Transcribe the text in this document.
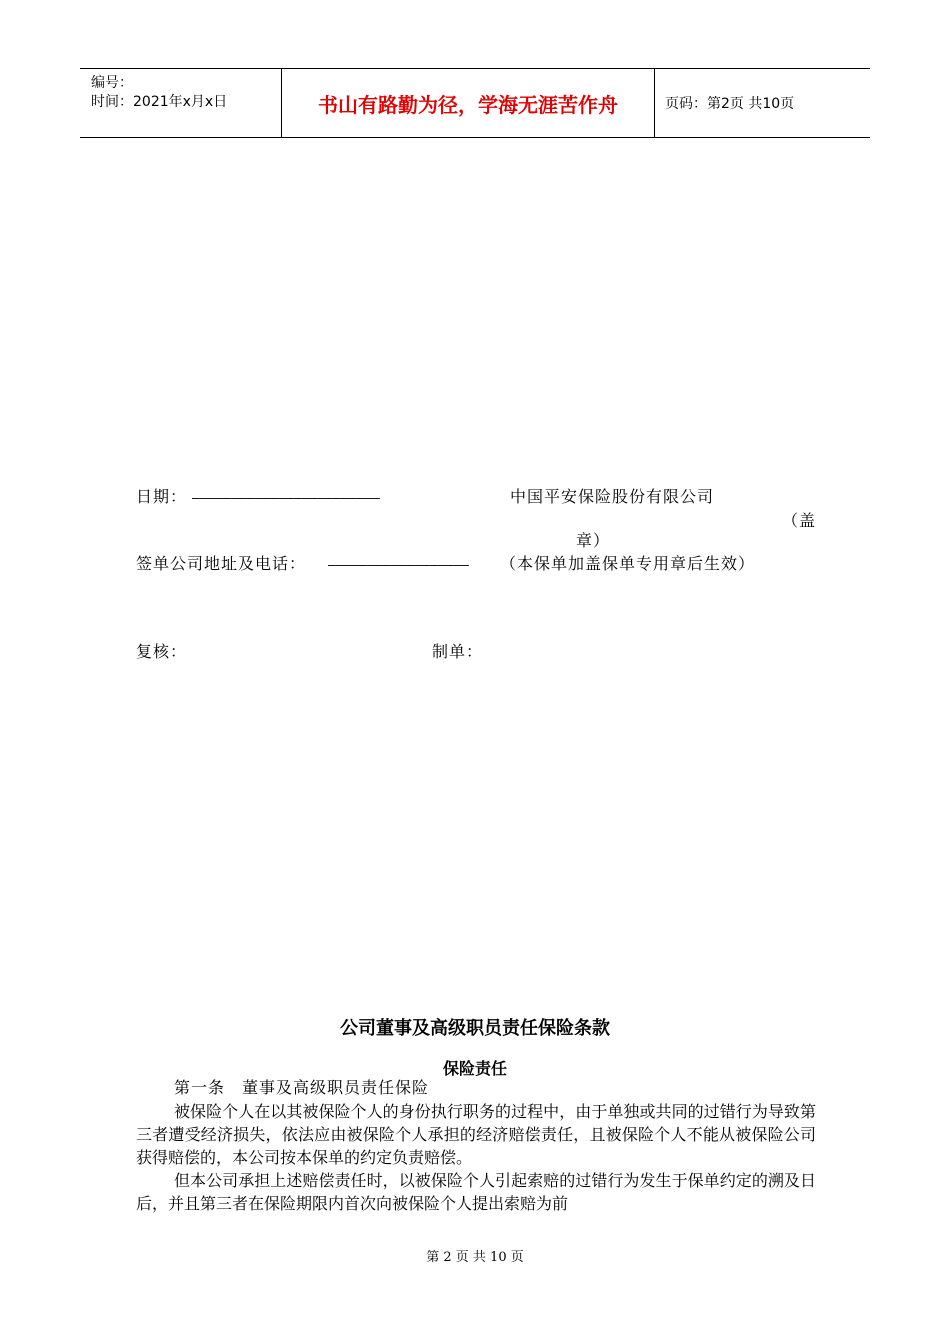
编号：
时间：2021年x月x日	书山有路勤为径，学海无涯苦作舟	页码：第2页 共10页
日期： ————————————————————————	中国平安保险股份有限公司
（盖
章）
签单公司地址及电话： —————————————————— （本保单加盖保单专用章后生效）
复核：	制单：
公司董事及高级职员责任保险条款
保险责任
第一条　董事及高级职员责任保险
被保险个人在以其被保险个人的身份执行职务的过程中，由于单独或共同的过错行为导致第三者遭受经济损失，依法应由被保险个人承担的经济赔偿责任，且被保险个人不能从被保险公司获得赔偿的，本公司按本保单的约定负责赔偿。
但本公司承担上述赔偿责任时，以被保险个人引起索赔的过错行为发生于保单约定的溯及日后，并且第三者在保险期限内首次向被保险个人提出索赔为前
第 2 页 共 10 页
